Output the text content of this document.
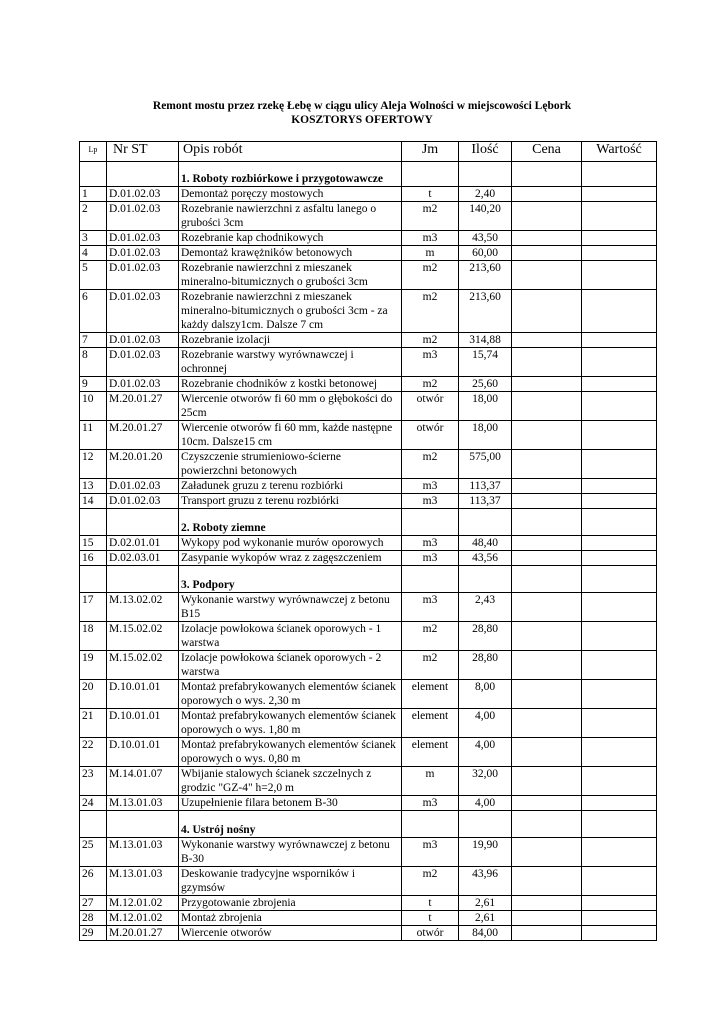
Remont mostu przez rzekę Łebę w ciągu ulicy Aleja Wolności w miejscowości Lębork
KOSZTORYS OFERTOWY
Lp	Nr ST	Opis robót	Jm	Ilość	Cena	Wartość
		1. Roboty rozbiórkowe i przygotowawcze				
1	D.01.02.03	Demontaż poręczy mostowych	t	2,40		
2	D.01.02.03	Rozebranie nawierzchni z asfaltu lanego o grubości 3cm	m2	140,20		
3	D.01.02.03	Rozebranie kap chodnikowych	m3	43,50		
4	D.01.02.03	Demontaż krawężników betonowych	m	60,00		
5	D.01.02.03	Rozebranie nawierzchni z mieszanek mineralno-bitumicznych o grubości 3cm	m2	213,60		
6	D.01.02.03	Rozebranie nawierzchni z mieszanek mineralno-bitumicznych o grubości 3cm - za każdy dalszy1cm. Dalsze 7 cm	m2	213,60		
7	D.01.02.03	Rozebranie izolacji	m2	314,88		
8	D.01.02.03	Rozebranie warstwy wyrównawczej i ochronnej	m3	15,74		
9	D.01.02.03	Rozebranie chodników z kostki betonowej	m2	25,60		
10	M.20.01.27	Wiercenie otworów fi 60 mm o głębokości do 25cm	otwór	18,00		
11	M.20.01.27	Wiercenie otworów fi 60 mm, każde następne 10cm. Dalsze15 cm	otwór	18,00		
12	M.20.01.20	Czyszczenie strumieniowo-ścierne powierzchni betonowych	m2	575,00		
13	D.01.02.03	Załadunek gruzu z terenu rozbiórki	m3	113,37		
14	D.01.02.03	Transport gruzu z terenu rozbiórki	m3	113,37		
		2. Roboty ziemne				
15	D.02.01.01	Wykopy pod wykonanie murów oporowych	m3	48,40		
16	D.02.03.01	Zasypanie wykopów wraz z zagęszczeniem	m3	43,56		
		3. Podpory				
17	M.13.02.02	Wykonanie warstwy wyrównawczej z betonu B15	m3	2,43		
18	M.15.02.02	Izolacje powłokowa ścianek oporowych - 1 warstwa	m2	28,80		
19	M.15.02.02	Izolacje powłokowa ścianek oporowych - 2 warstwa	m2	28,80		
20	D.10.01.01	Montaż prefabrykowanych elementów ścianek oporowych o wys. 2,30 m	element	8,00		
21	D.10.01.01	Montaż prefabrykowanych elementów ścianek oporowych o wys. 1,80 m	element	4,00		
22	D.10.01.01	Montaż prefabrykowanych elementów ścianek oporowych o wys. 0,80 m	element	4,00		
23	M.14.01.07	Wbijanie stalowych ścianek szczelnych z grodzic "GZ-4" h=2,0 m	m	32,00		
24	M.13.01.03	Uzupełnienie filara betonem B-30	m3	4,00		
		4. Ustrój nośny				
25	M.13.01.03	Wykonanie warstwy wyrównawczej z betonu B-30	m3	19,90		
26	M.13.01.03	Deskowanie tradycyjne wsporników i gzymsów	m2	43,96		
27	M.12.01.02	Przygotowanie zbrojenia	t	2,61		
28	M.12.01.02	Montaż zbrojenia	t	2,61		
29	M.20.01.27	Wiercenie otworów	otwór	84,00		
